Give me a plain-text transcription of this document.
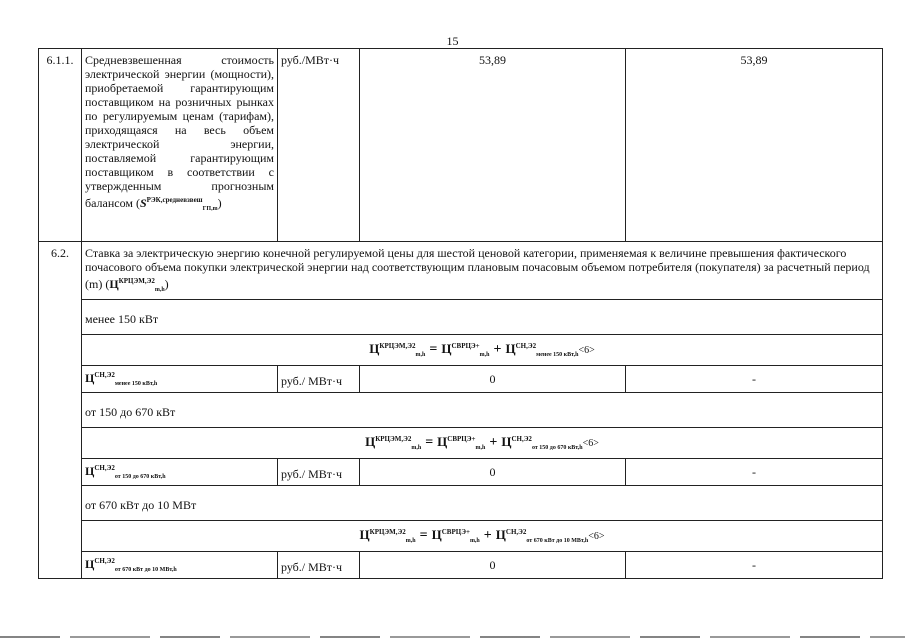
15
6.1.1.	Средневзвешенная стоимость электрической энергии (мощности), приобретаемой гарантирующим поставщиком на розничных рынках по регулируемым ценам (тарифам), приходящаяся на весь объем электрической энергии, поставляемой гарантирующим поставщиком в соответствии с утвержденным прогнозным балансом $(S^{РЭК,средневзвеш}_{ГП,m})$	руб./МВт·ч	53,89	53,89
6.2.	Ставка за электрическую энергию конечной регулируемой цены для шестой ценовой категории, применяемая к величине превышения фактического почасового объема покупки электрической энергии над соответствующим плановым почасовым объемом потребителя (покупателя) за расчетный период (m) $(Ц^{КРЦЭМ,Э2}_{m,h})$			
	менее 150 кВт			
	$Ц^{КРЦЭМ,Э2}_{m,h} = Ц^{СВРЦЭ+}_{m,h} + Ц^{СН,Э2}_{менее 150 кВт,h}<6>$			
	$Ц^{СН,Э2}_{менее 150 кВт,h}$	руб./ МВт·ч	0	-
	от 150 до 670 кВт			
	$Ц^{КРЦЭМ,Э2}_{m,h} = Ц^{СВРЦЭ+}_{m,h} + Ц^{СН,Э2}_{от 150 до 670 кВт,h}<6>$			
	$Ц^{СН,Э2}_{от 150 до 670 кВт,h}$	руб./ МВт·ч	0	-
	от 670 кВт до 10 МВт			
	$Ц^{КРЦЭМ,Э2}_{m,h} = Ц^{СВРЦЭ+}_{m,h} + Ц^{СН,Э2}_{от 670 кВт до 10 МВт,h}<6>$			
	$Ц^{СН,Э2}_{от 670 кВт до 10 МВт,h}$	руб./ МВт·ч	0	-
